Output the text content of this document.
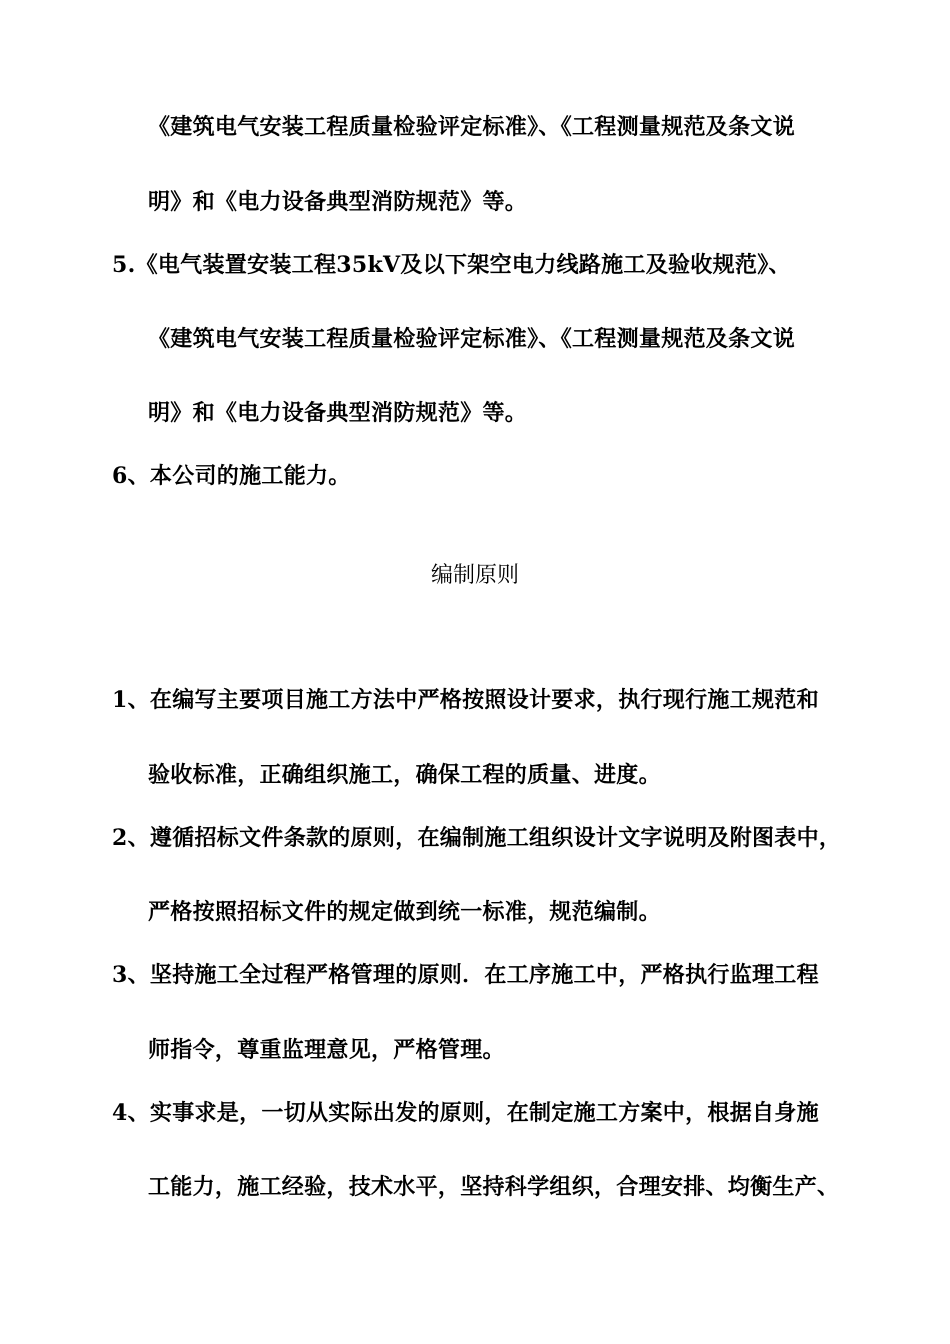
《建筑电气安装工程质量检验评定标准》、《工程测量规范及条文说
明》和《电力设备典型消防规范》等。
5.《电气装置安装工程35kV及以下架空电力线路施工及验收规范》、
《建筑电气安装工程质量检验评定标准》、《工程测量规范及条文说
明》和《电力设备典型消防规范》等。
6、本公司的施工能力。
编制原则
1、在编写主要项目施工方法中严格按照设计要求，执行现行施工规范和
验收标准，正确组织施工，确保工程的质量、进度。
2、遵循招标文件条款的原则，在编制施工组织设计文字说明及附图表中，
严格按照招标文件的规定做到统一标准，规范编制。
3、坚持施工全过程严格管理的原则．在工序施工中，严格执行监理工程
师指令，尊重监理意见，严格管理。
4、实事求是，一切从实际出发的原则，在制定施工方案中，根据自身施
工能力，施工经验，技术水平，坚持科学组织，合理安排、均衡生产、
